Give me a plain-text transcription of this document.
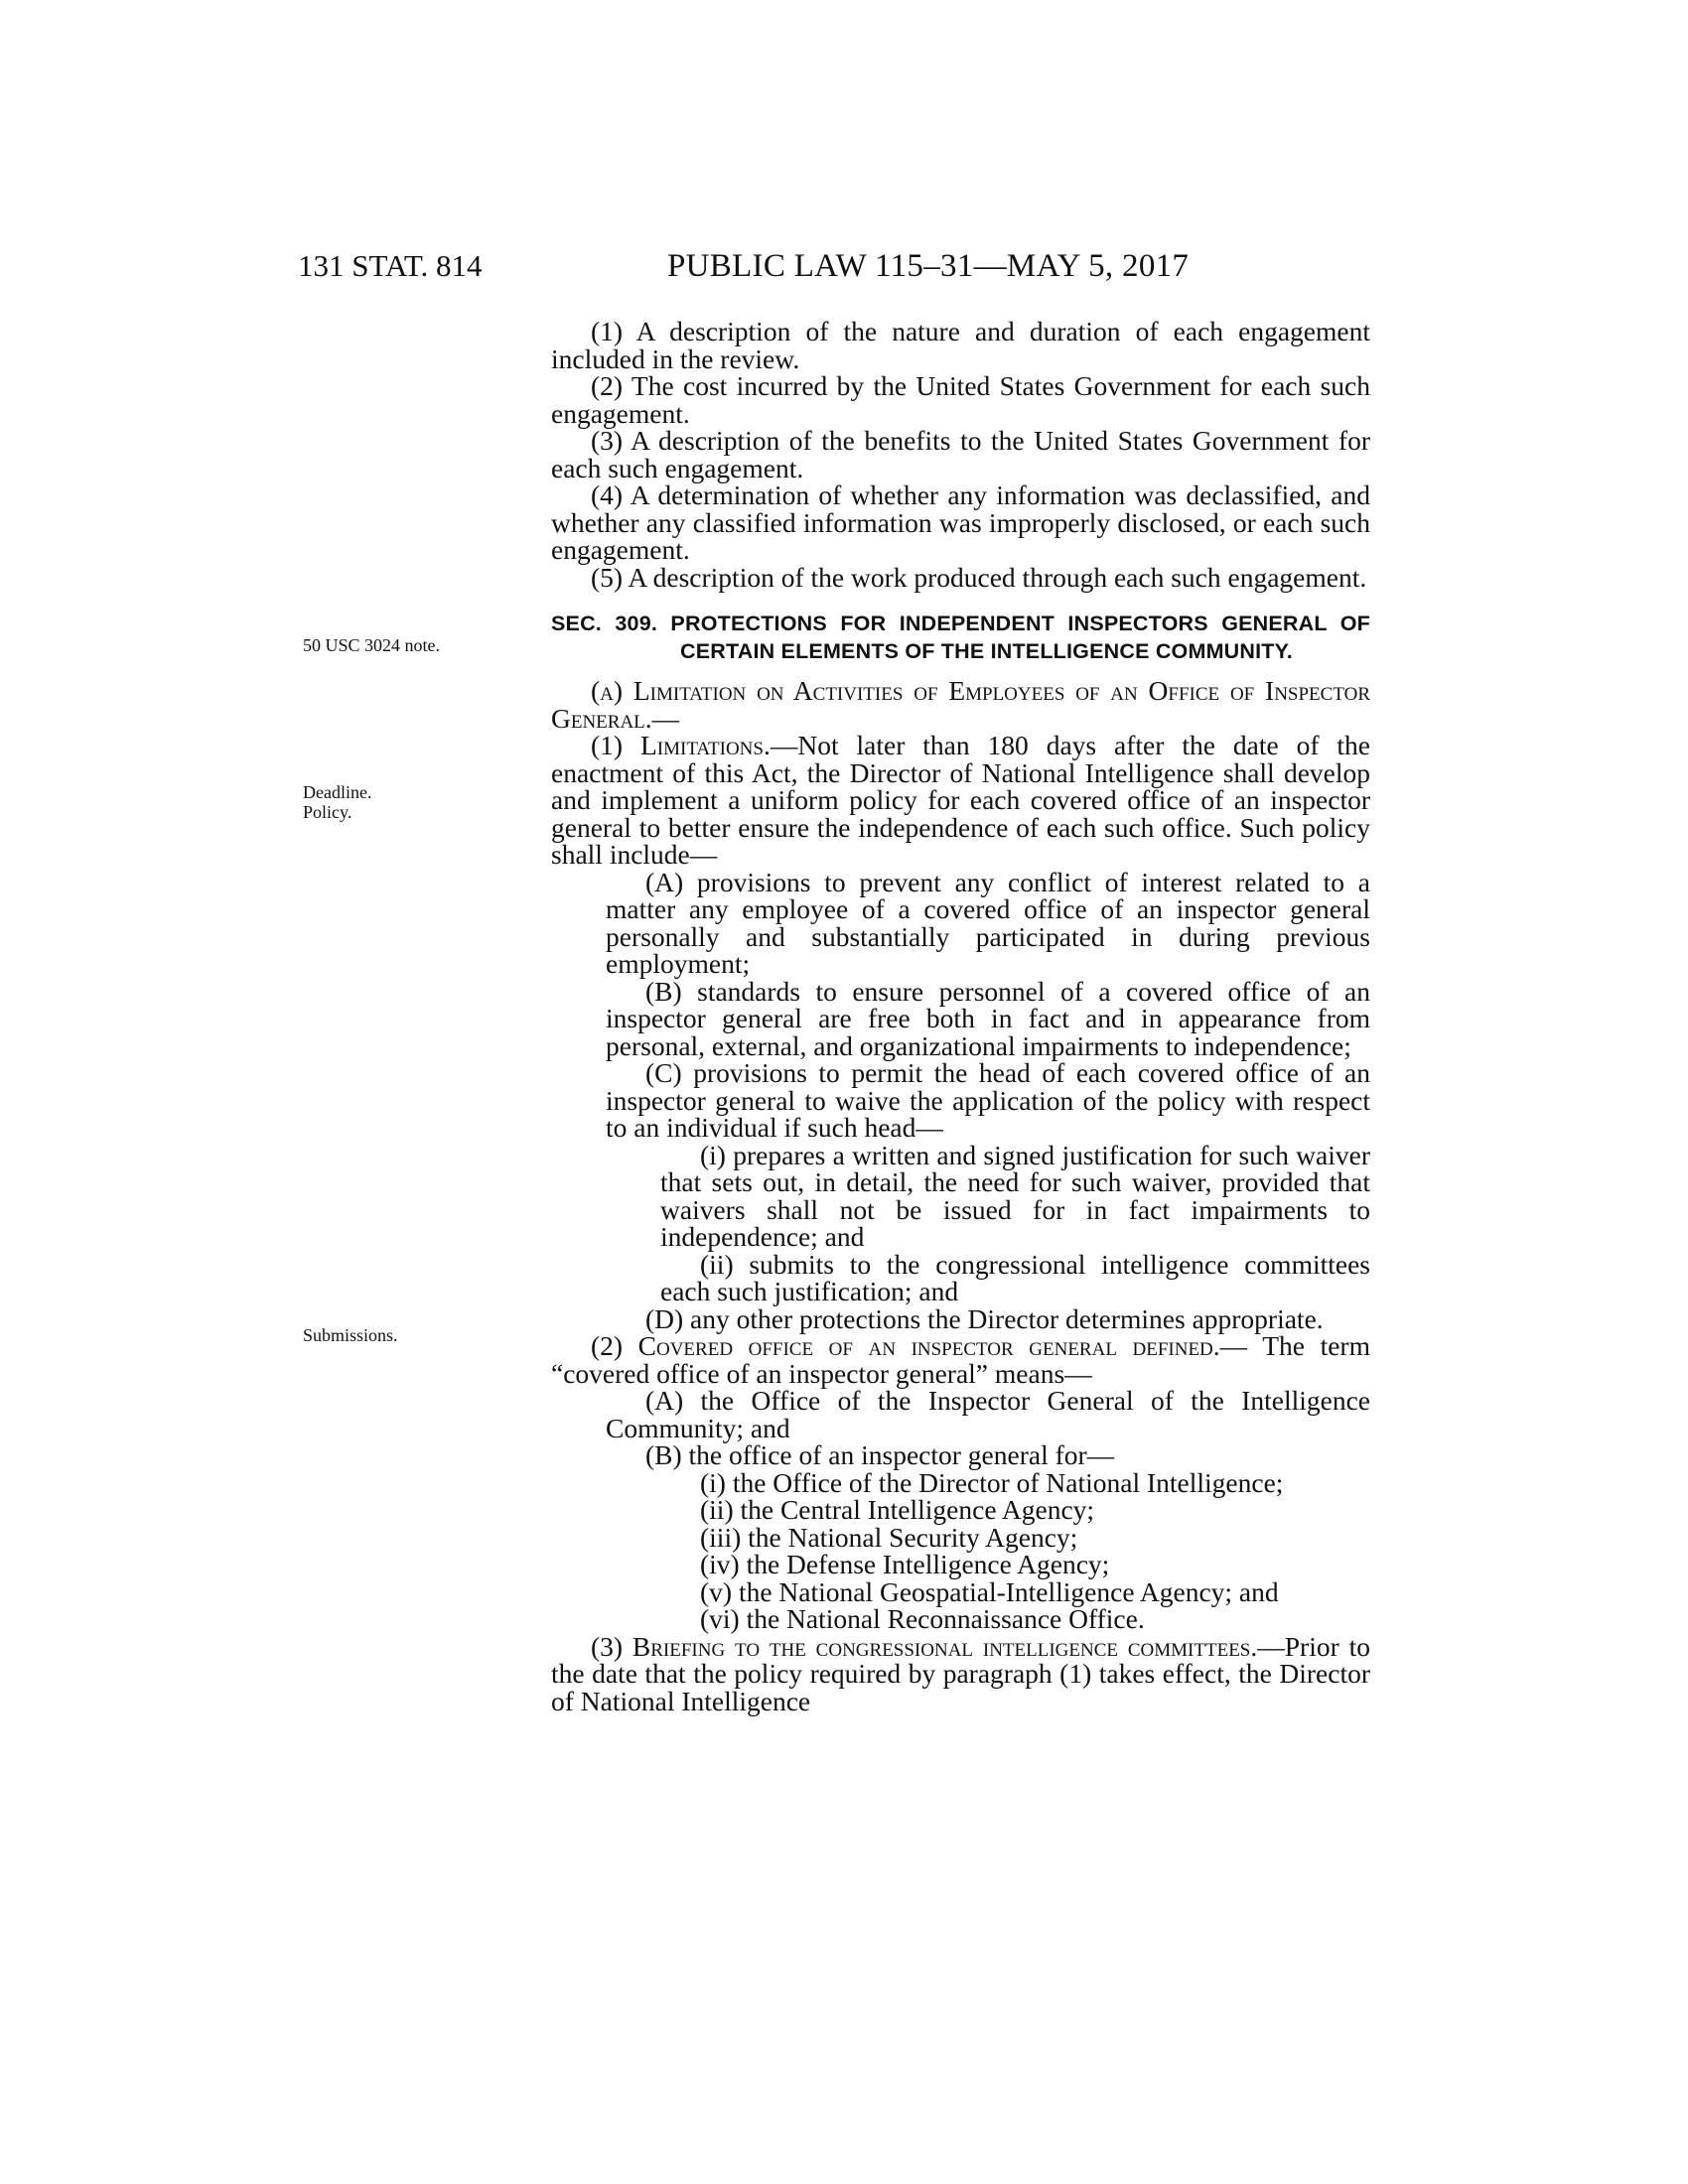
131 STAT. 814	PUBLIC LAW 115–31—MAY 5, 2017
50 USC 3024 note.
Deadline. Policy.
Submissions.

(1) A description of the nature and duration of each engagement included in the review.

(2) The cost incurred by the United States Government for each such engagement.

(3) A description of the benefits to the United States Government for each such engagement.

(4) A determination of whether any information was declassified, and whether any classified information was improperly disclosed, or each such engagement.

(5) A description of the work produced through each such engagement.

SEC. 309. PROTECTIONS FOR INDEPENDENT INSPECTORS GENERAL OF CERTAIN ELEMENTS OF THE INTELLIGENCE COMMUNITY.

(a) Limitation on Activities of Employees of an Office of Inspector General.—

(1) Limitations.—Not later than 180 days after the date of the enactment of this Act, the Director of National Intelligence shall develop and implement a uniform policy for each covered office of an inspector general to better ensure the independence of each such office. Such policy shall include—

(A) provisions to prevent any conflict of interest related to a matter any employee of a covered office of an inspector general personally and substantially participated in during previous employment;

(B) standards to ensure personnel of a covered office of an inspector general are free both in fact and in appearance from personal, external, and organizational impairments to independence;

(C) provisions to permit the head of each covered office of an inspector general to waive the application of the policy with respect to an individual if such head—

(i) prepares a written and signed justification for such waiver that sets out, in detail, the need for such waiver, provided that waivers shall not be issued for in fact impairments to independence; and

(ii) submits to the congressional intelligence committees each such justification; and

(D) any other protections the Director determines appropriate.

(2) Covered office of an inspector general defined.— The term “covered office of an inspector general” means—

(A) the Office of the Inspector General of the Intelligence Community; and

(B) the office of an inspector general for—

(i) the Office of the Director of National Intelligence;

(ii) the Central Intelligence Agency;

(iii) the National Security Agency;

(iv) the Defense Intelligence Agency;

(v) the National Geospatial-Intelligence Agency; and

(vi) the National Reconnaissance Office.

(3) Briefing to the congressional intelligence committees.—Prior to the date that the policy required by paragraph (1) takes effect, the Director of National Intelligence
